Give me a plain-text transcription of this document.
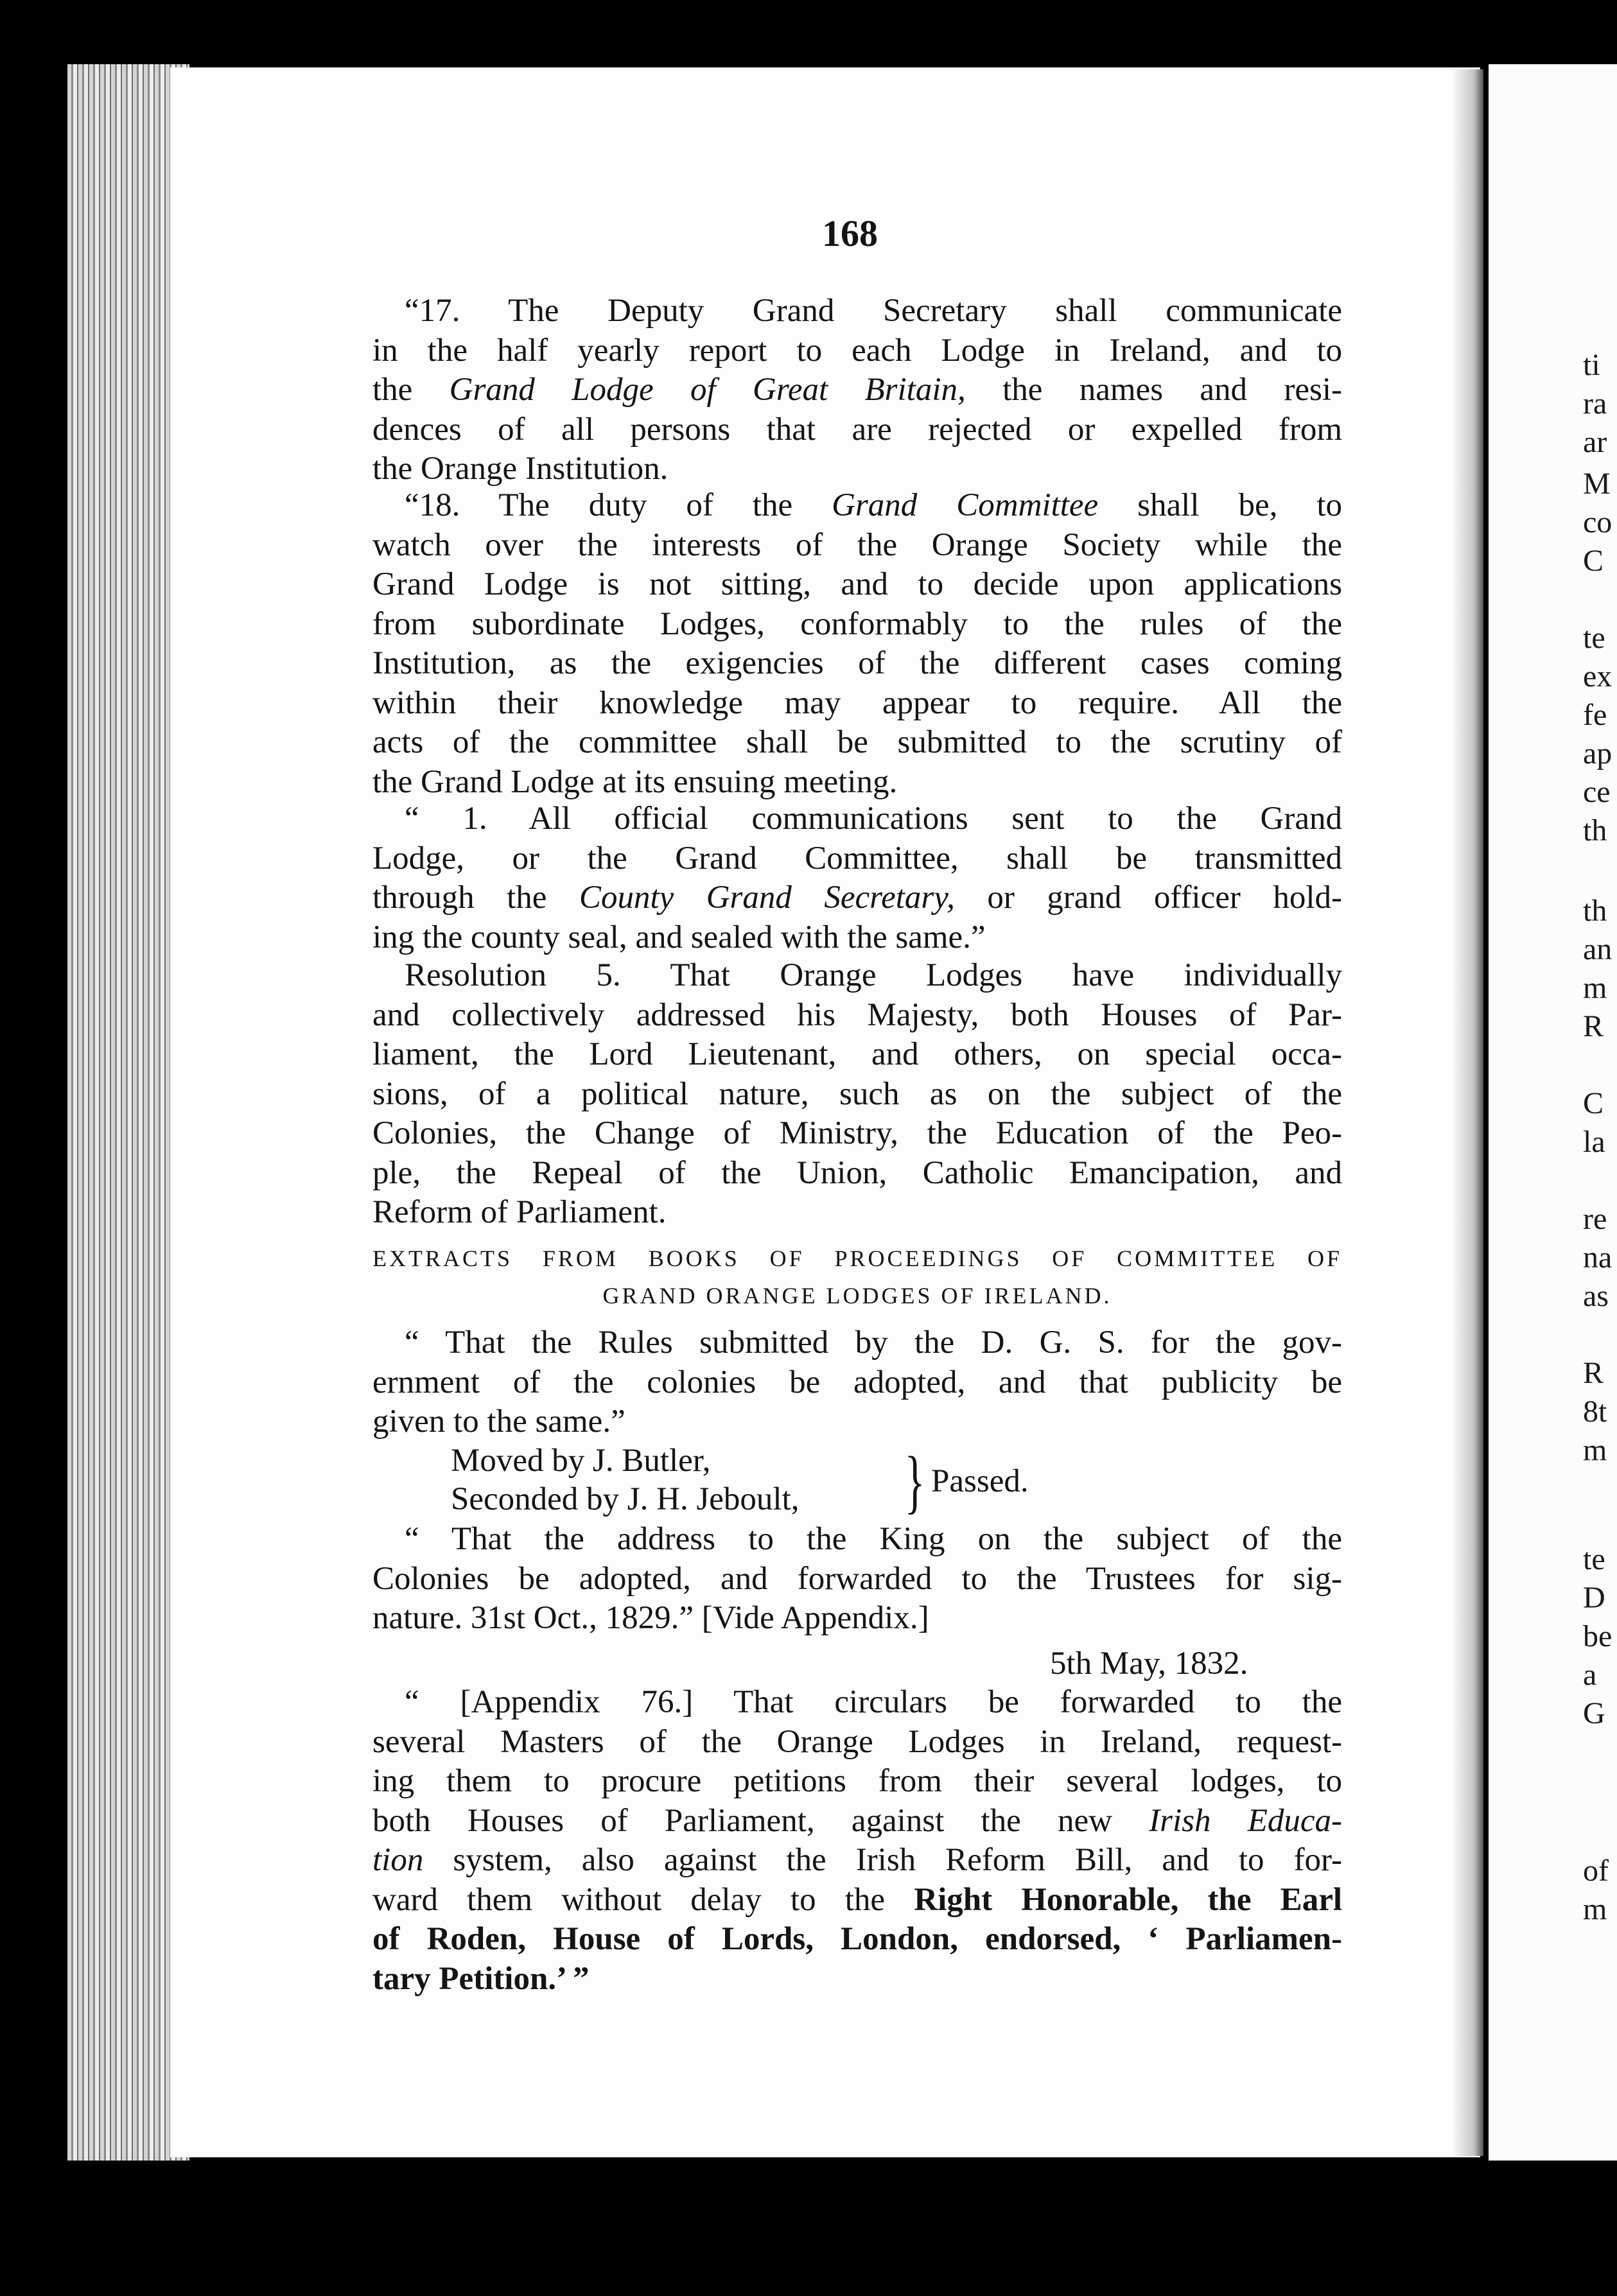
168
“17. The Deputy Grand Secretary shall communicate
in the half yearly report to each Lodge in Ireland, and to
the Grand Lodge of Great Britain, the names and resi-
dences of all persons that are rejected or expelled from
the Orange Institution.
“18. The duty of the Grand Committee shall be, to
watch over the interests of the Orange Society while the
Grand Lodge is not sitting, and to decide upon applications
from subordinate Lodges, conformably to the rules of the
Institution, as the exigencies of the different cases coming
within their knowledge may appear to require. All the
acts of the committee shall be submitted to the scrutiny of
the Grand Lodge at its ensuing meeting.
“ 1. All official communications sent to the Grand
Lodge, or the Grand Committee, shall be transmitted
through the County Grand Secretary, or grand officer hold-
ing the county seal, and sealed with the same.”
Resolution 5. That Orange Lodges have individually
and collectively addressed his Majesty, both Houses of Par-
liament, the Lord Lieutenant, and others, on special occa-
sions, of a political nature, such as on the subject of the
Colonies, the Change of Ministry, the Education of the Peo-
ple, the Repeal of the Union, Catholic Emancipation, and
Reform of Parliament.
EXTRACTS FROM BOOKS OF PROCEEDINGS OF COMMITTEE OF
GRAND ORANGE LODGES OF IRELAND.
“ That the Rules submitted by the D. G. S. for the gov-
ernment of the colonies be adopted, and that publicity be
given to the same.”
Moved by J. Butler,
Seconded by J. H. Jeboult,
“ That the address to the King on the subject of the
Colonies be adopted, and forwarded to the Trustees for sig-
nature. 31st Oct., 1829.” [Vide Appendix.]
“ [Appendix 76.] That circulars be forwarded to the
several Masters of the Orange Lodges in Ireland, request-
ing them to procure petitions from their several lodges, to
both Houses of Parliament, against the new Irish Educa-
tion system, also against the Irish Reform Bill, and to for-
ward them without delay to the Right Honorable, the Earl
of Roden, House of Lords, London, endorsed, ‘ Parliamen-
tary Petition.’ ”
5th May, 1832.
} Passed.
ti
ra
ar
M
co
C
te
ex
fe
ap
ce
th
th
an
m
R
C
la
re
na
as
R
8t
m
te
D
be
a
G
of
m
